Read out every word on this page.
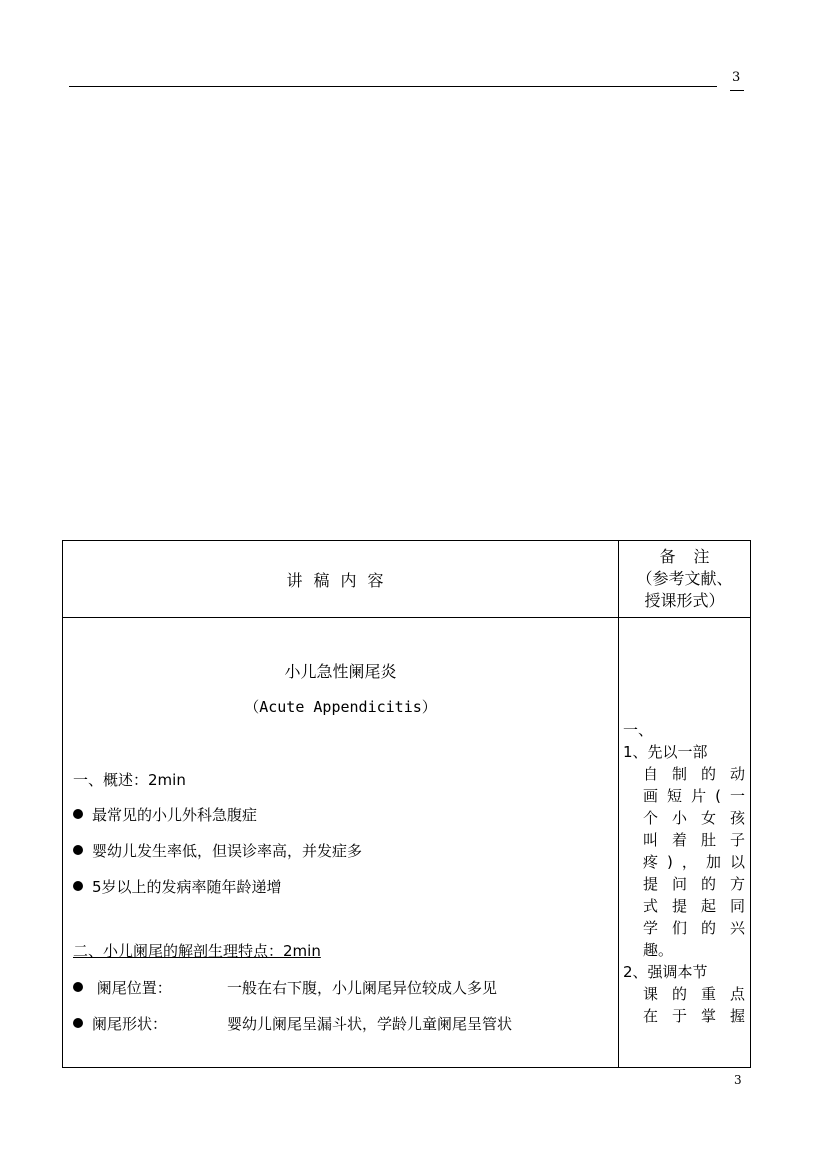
3
讲稿内容
备注
（参考文献、
授课形式）
小儿急性阑尾炎
（Acute Appendicitis）
一、概述：2min
最常见的小儿外科急腹症
婴幼儿发生率低，但误诊率高，并发症多
5岁以上的发病率随年龄递增
二、小儿阑尾的解剖生理特点：2min
阑尾位置：	一般在右下腹，小儿阑尾异位较成人多见
阑尾形状：	婴幼儿阑尾呈漏斗状，学龄儿童阑尾呈管状
一、
1、先以一部
自制的动
画短片(一
个小女孩
叫着肚子
疼)，加以
提问的方
式提起同
学们的兴
趣。
2、强调本节
课的重点
在于掌握
3
